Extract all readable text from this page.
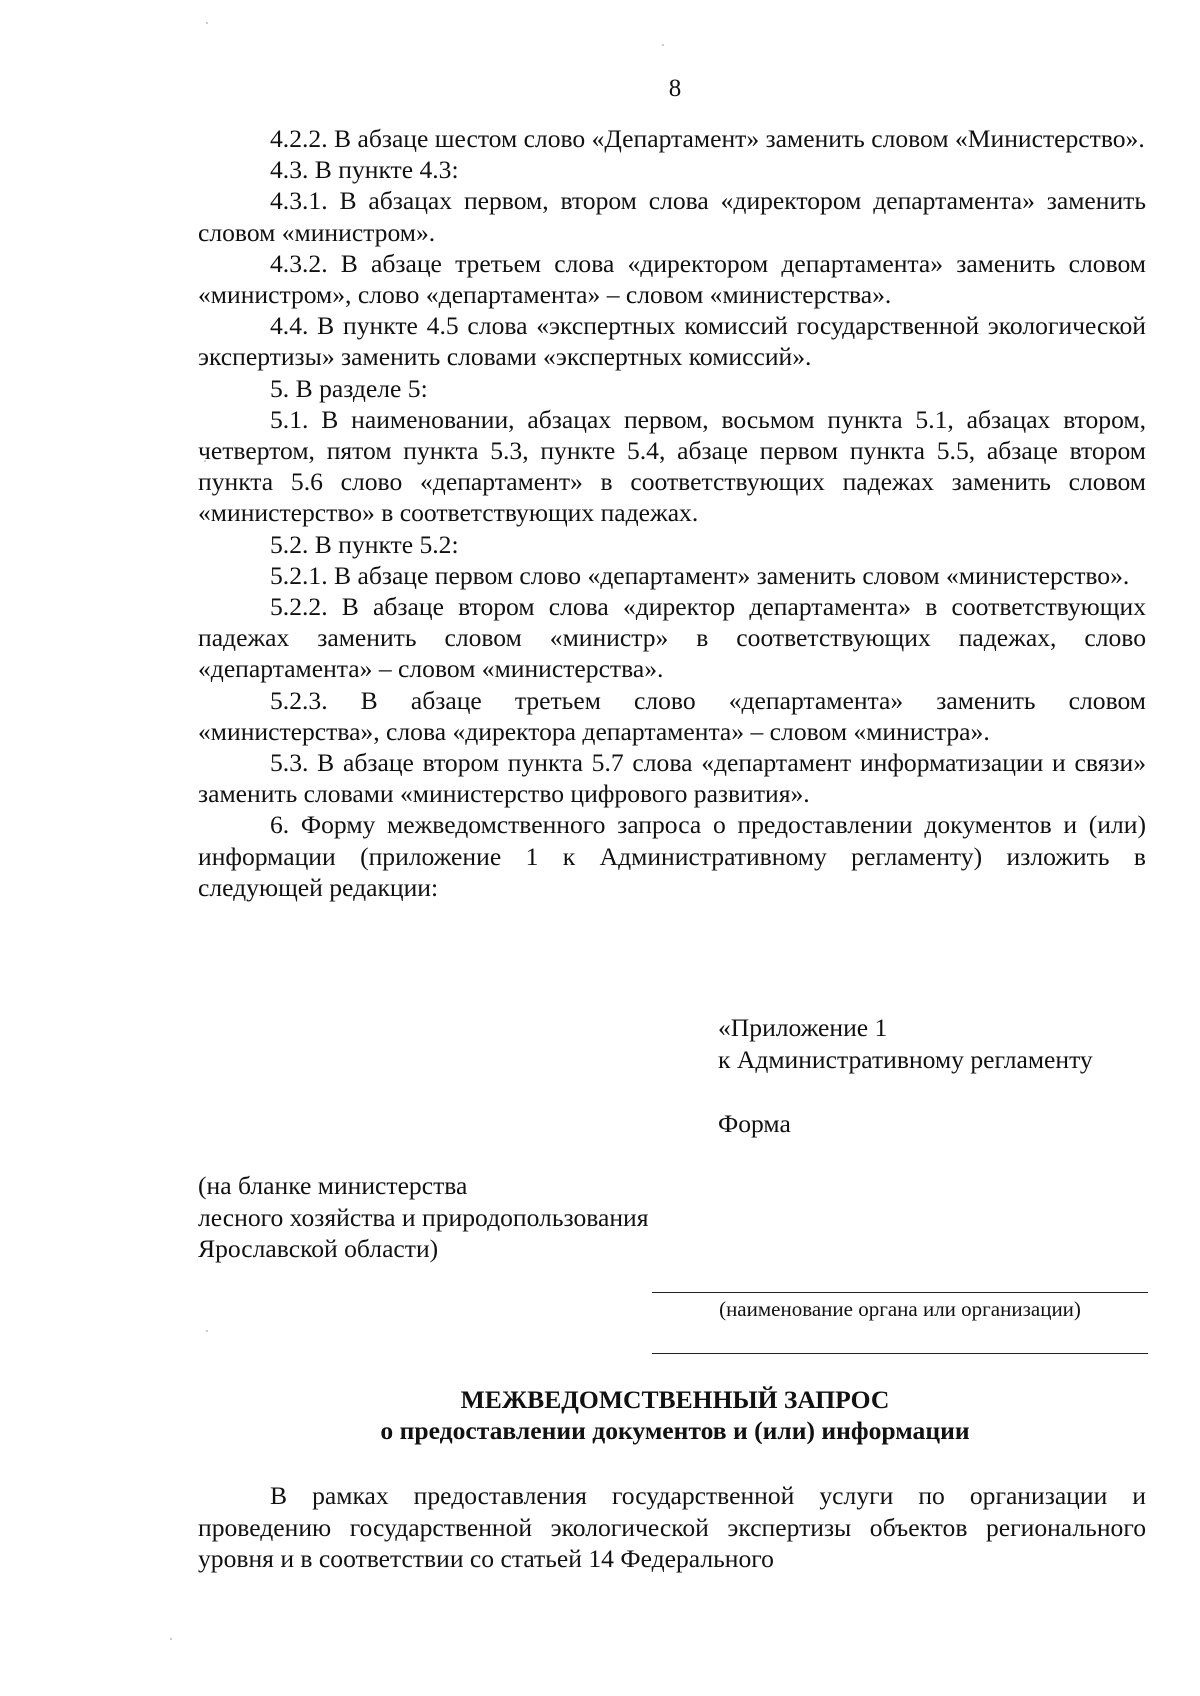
8

4.2.2. В абзаце шестом слово «Департамент» заменить словом «Министерство».

4.3. В пункте 4.3:

4.3.1. В абзацах первом, втором слова «директором департамента» заменить словом «министром».

4.3.2. В абзаце третьем слова «директором департамента» заменить словом «министром», слово «департамента» – словом «министерства».

4.4. В пункте 4.5 слова «экспертных комиссий государственной экологической экспертизы» заменить словами «экспертных комиссий».

5. В разделе 5:

5.1. В наименовании, абзацах первом, восьмом пункта 5.1, абзацах втором, четвертом, пятом пункта 5.3, пункте 5.4, абзаце первом пункта 5.5, абзаце втором пункта 5.6 слово «департамент» в соответствующих падежах заменить словом «министерство» в соответствующих падежах.

5.2. В пункте 5.2:

5.2.1. В абзаце первом слово «департамент» заменить словом «министерство».

5.2.2. В абзаце втором слова «директор департамента» в соответствующих падежах заменить словом «министр» в соответствующих падежах, слово «департамента» – словом «министерства».

5.2.3. В абзаце третьем слово «департамента» заменить словом «министерства», слова «директора департамента» – словом «министра».

5.3. В абзаце втором пункта 5.7 слова «департамент информатизации и связи» заменить словами «министерство цифрового развития».

6. Форму межведомственного запроса о предоставлении документов и (или) информации (приложение 1 к Административному регламенту) изложить в следующей редакции:

«Приложение 1

к Административному регламенту

Форма

(на бланке министерства

лесного хозяйства и природопользования

Ярославской области)

(наименование органа или организации)

МЕЖВЕДОМСТВЕННЫЙ ЗАПРОС

о предоставлении документов и (или) информации

В рамках предоставления государственной услуги по организации и проведению государственной экологической экспертизы объектов регионального уровня и в соответствии со статьей 14 Федерального
